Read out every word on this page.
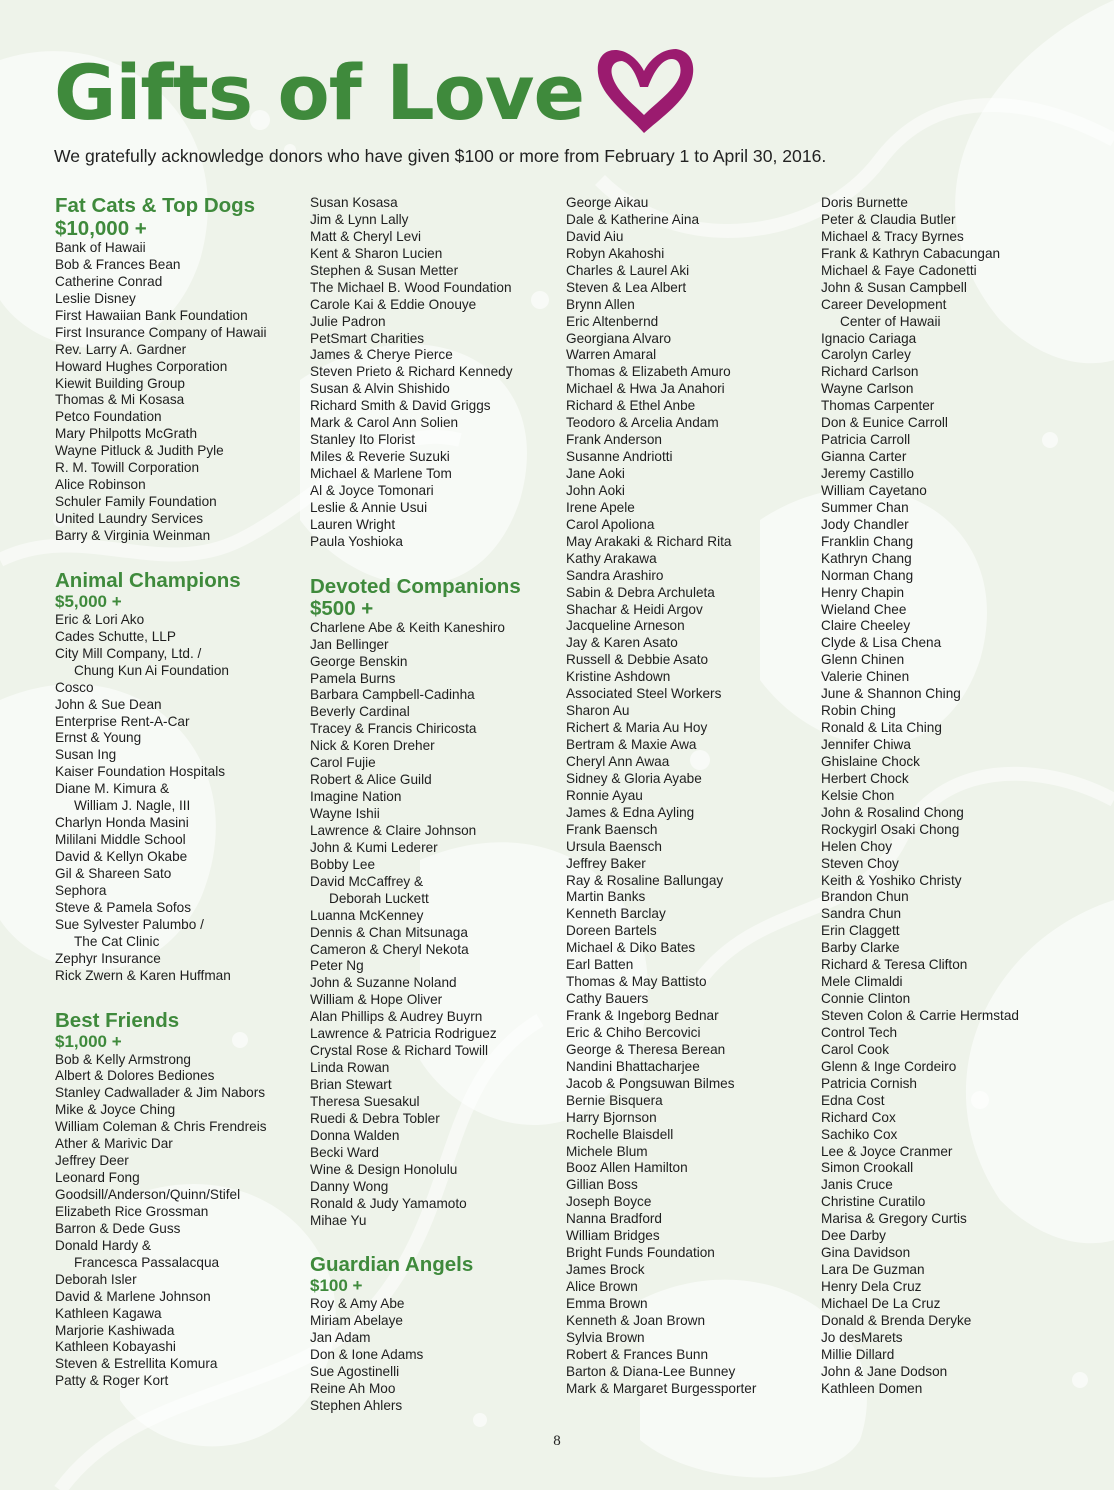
Gifts of Love
We gratefully acknowledge donors who have given $100 or more from February 1 to April 30, 2016.
Fat Cats & Top Dogs
$10,000 +
Bank of Hawaii
Bob & Frances Bean
Catherine Conrad
Leslie Disney
First Hawaiian Bank Foundation
First Insurance Company of Hawaii
Rev. Larry A. Gardner
Howard Hughes Corporation
Kiewit Building Group
Thomas & Mi Kosasa
Petco Foundation
Mary Philpotts McGrath
Wayne Pitluck & Judith Pyle
R. M. Towill Corporation
Alice Robinson
Schuler Family Foundation
United Laundry Services
Barry & Virginia Weinman
Animal Champions
$5,000 +
Eric & Lori Ako
Cades Schutte, LLP
City Mill Company, Ltd. /
Chung Kun Ai Foundation
Cosco
John & Sue Dean
Enterprise Rent-A-Car
Ernst & Young
Susan Ing
Kaiser Foundation Hospitals
Diane M. Kimura &
William J. Nagle, III
Charlyn Honda Masini
Mililani Middle School
David & Kellyn Okabe
Gil & Shareen Sato
Sephora
Steve & Pamela Sofos
Sue Sylvester Palumbo /
The Cat Clinic
Zephyr Insurance
Rick Zwern & Karen Huffman
Best Friends
$1,000 +
Bob & Kelly Armstrong
Albert & Dolores Bediones
Stanley Cadwallader & Jim Nabors
Mike & Joyce Ching
William Coleman & Chris Frendreis
Ather & Marivic Dar
Jeffrey Deer
Leonard Fong
Goodsill/Anderson/Quinn/Stifel
Elizabeth Rice Grossman
Barron & Dede Guss
Donald Hardy &
Francesca Passalacqua
Deborah Isler
David & Marlene Johnson
Kathleen Kagawa
Marjorie Kashiwada
Kathleen Kobayashi
Steven & Estrellita Komura
Patty & Roger Kort
Susan Kosasa
Jim & Lynn Lally
Matt & Cheryl Levi
Kent & Sharon Lucien
Stephen & Susan Metter
The Michael B. Wood Foundation
Carole Kai & Eddie Onouye
Julie Padron
PetSmart Charities
James & Cherye Pierce
Steven Prieto & Richard Kennedy
Susan & Alvin Shishido
Richard Smith & David Griggs
Mark & Carol Ann Solien
Stanley Ito Florist
Miles & Reverie Suzuki
Michael & Marlene Tom
Al & Joyce Tomonari
Leslie & Annie Usui
Lauren Wright
Paula Yoshioka
Devoted Companions
$500 +
Charlene Abe & Keith Kaneshiro
Jan Bellinger
George Benskin
Pamela Burns
Barbara Campbell-Cadinha
Beverly Cardinal
Tracey & Francis Chiricosta
Nick & Koren Dreher
Carol Fujie
Robert & Alice Guild
Imagine Nation
Wayne Ishii
Lawrence & Claire Johnson
John & Kumi Lederer
Bobby Lee
David McCaffrey &
Deborah Luckett
Luanna McKenney
Dennis & Chan Mitsunaga
Cameron & Cheryl Nekota
Peter Ng
John & Suzanne Noland
William & Hope Oliver
Alan Phillips & Audrey Buyrn
Lawrence & Patricia Rodriguez
Crystal Rose & Richard Towill
Linda Rowan
Brian Stewart
Theresa Suesakul
Ruedi & Debra Tobler
Donna Walden
Becki Ward
Wine & Design Honolulu
Danny Wong
Ronald & Judy Yamamoto
Mihae Yu
Guardian Angels
$100 +
Roy & Amy Abe
Miriam Abelaye
Jan Adam
Don & Ione Adams
Sue Agostinelli
Reine Ah Moo
Stephen Ahlers
George Aikau
Dale & Katherine Aina
David Aiu
Robyn Akahoshi
Charles & Laurel Aki
Steven & Lea Albert
Brynn Allen
Eric Altenbernd
Georgiana Alvaro
Warren Amaral
Thomas & Elizabeth Amuro
Michael & Hwa Ja Anahori
Richard & Ethel Anbe
Teodoro & Arcelia Andam
Frank Anderson
Susanne Andriotti
Jane Aoki
John Aoki
Irene Apele
Carol Apoliona
May Arakaki & Richard Rita
Kathy Arakawa
Sandra Arashiro
Sabin & Debra Archuleta
Shachar & Heidi Argov
Jacqueline Arneson
Jay & Karen Asato
Russell & Debbie Asato
Kristine Ashdown
Associated Steel Workers
Sharon Au
Richert & Maria Au Hoy
Bertram & Maxie Awa
Cheryl Ann Awaa
Sidney & Gloria Ayabe
Ronnie Ayau
James & Edna Ayling
Frank Baensch
Ursula Baensch
Jeffrey Baker
Ray & Rosaline Ballungay
Martin Banks
Kenneth Barclay
Doreen Bartels
Michael & Diko Bates
Earl Batten
Thomas & May Battisto
Cathy Bauers
Frank & Ingeborg Bednar
Eric & Chiho Bercovici
George & Theresa Berean
Nandini Bhattacharjee
Jacob & Pongsuwan Bilmes
Bernie Bisquera
Harry Bjornson
Rochelle Blaisdell
Michele Blum
Booz Allen Hamilton
Gillian Boss
Joseph Boyce
Nanna Bradford
William Bridges
Bright Funds Foundation
James Brock
Alice Brown
Emma Brown
Kenneth & Joan Brown
Sylvia Brown
Robert & Frances Bunn
Barton & Diana-Lee Bunney
Mark & Margaret Burgessporter
Doris Burnette
Peter & Claudia Butler
Michael & Tracy Byrnes
Frank & Kathryn Cabacungan
Michael & Faye Cadonetti
John & Susan Campbell
Career Development
Center of Hawaii
Ignacio Cariaga
Carolyn Carley
Richard Carlson
Wayne Carlson
Thomas Carpenter
Don & Eunice Carroll
Patricia Carroll
Gianna Carter
Jeremy Castillo
William Cayetano
Summer Chan
Jody Chandler
Franklin Chang
Kathryn Chang
Norman Chang
Henry Chapin
Wieland Chee
Claire Cheeley
Clyde & Lisa Chena
Glenn Chinen
Valerie Chinen
June & Shannon Ching
Robin Ching
Ronald & Lita Ching
Jennifer Chiwa
Ghislaine Chock
Herbert Chock
Kelsie Chon
John & Rosalind Chong
Rockygirl Osaki Chong
Helen Choy
Steven Choy
Keith & Yoshiko Christy
Brandon Chun
Sandra Chun
Erin Claggett
Barby Clarke
Richard & Teresa Clifton
Mele Climaldi
Connie Clinton
Steven Colon & Carrie Hermstad
Control Tech
Carol Cook
Glenn & Inge Cordeiro
Patricia Cornish
Edna Cost
Richard Cox
Sachiko Cox
Lee & Joyce Cranmer
Simon Crookall
Janis Cruce
Christine Curatilo
Marisa & Gregory Curtis
Dee Darby
Gina Davidson
Lara De Guzman
Henry Dela Cruz
Michael De La Cruz
Donald & Brenda Deryke
Jo desMarets
Millie Dillard
John & Jane Dodson
Kathleen Domen
8
